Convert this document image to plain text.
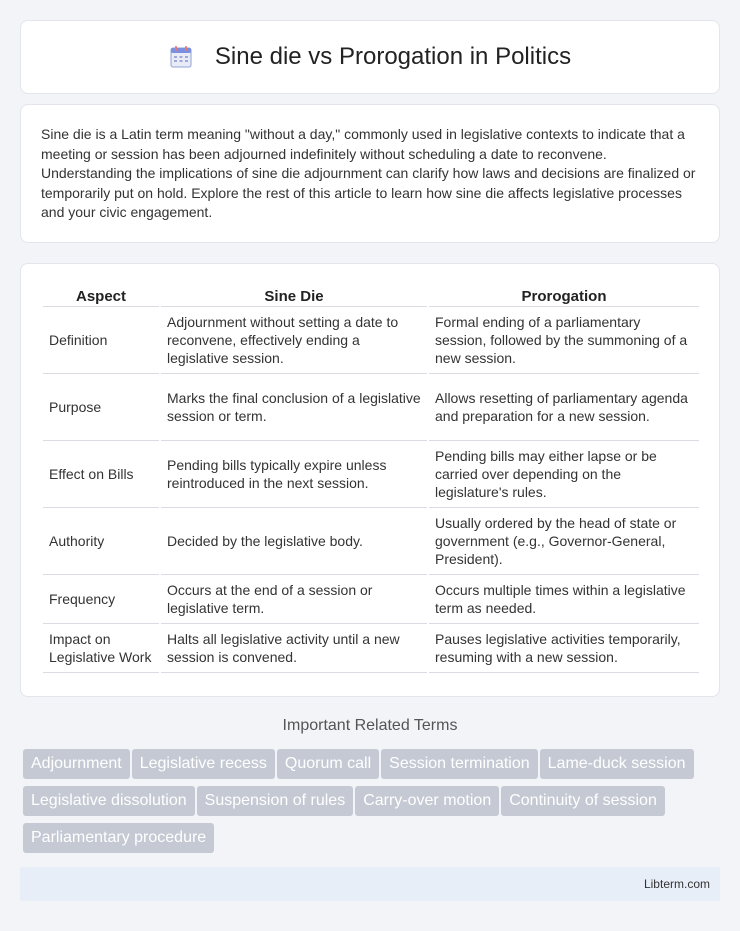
Sine die vs Prorogation in Politics

Sine die is a Latin term meaning "without a day," commonly used in legislative contexts to indicate that a meeting or session has been adjourned indefinitely without scheduling a date to reconvene. Understanding the implications of sine die adjournment can clarify how laws and decisions are finalized or temporarily put on hold. Explore the rest of this article to learn how sine die affects legislative processes and your civic engagement.

Aspect	Sine Die	Prorogation
Definition	Adjournment without setting a date to reconvene, effectively ending a legislative session.	Formal ending of a parliamentary session, followed by the summoning of a new session.
Purpose	Marks the final conclusion of a legislative session or term.	Allows resetting of parliamentary agenda and preparation for a new session.
Effect on Bills	Pending bills typically expire unless reintroduced in the next session.	Pending bills may either lapse or be carried over depending on the legislature's rules.
Authority	Decided by the legislative body.	Usually ordered by the head of state or government (e.g., Governor-General, President).
Frequency	Occurs at the end of a session or legislative term.	Occurs multiple times within a legislative term as needed.
Impact on Legislative Work	Halts all legislative activity until a new session is convened.	Pauses legislative activities temporarily, resuming with a new session.
Important Related Terms
Adjournment Legislative recess Quorum call Session termination Lame-duck session
Legislative dissolution Suspension of rules Carry-over motion Continuity of session
Parliamentary procedure
Libterm.com
